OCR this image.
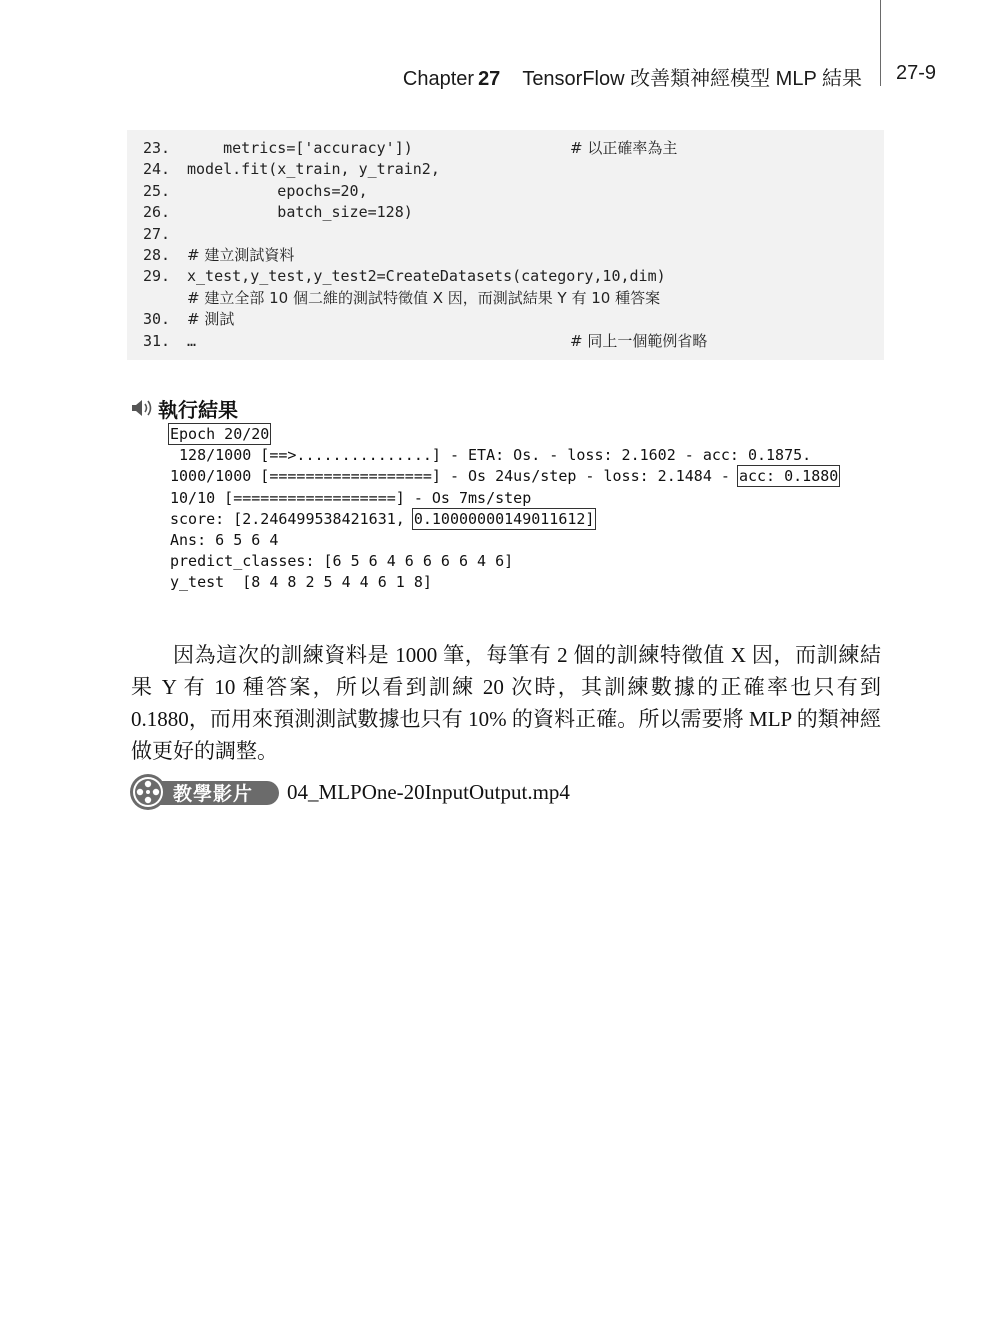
Chapter 27 TensorFlow 改善類神經模型 MLP 結果 27-9

23.

metrics=['accuracy'])

	# 以正確率為主

24.

model.fit(x_train, y_train2,

25.

epochs=20,

26.

batch_size=128)

27.

28.

# 建立測試資料

29.

x_test,y_test,y_test2=CreateDatasets(category,10,dim)

# 建立全部 10 個二維的測試特徵值 X 因，而測試結果 Y 有 10 種答案

30.

# 測試

31.

…

	# 同上一個範例省略

執行結果
Epoch 20/20
128/1000 [==>...............] - ETA: Os. - loss: 2.1602 - acc: 0.1875.
1000/1000 [==================] - Os 24us/step - loss: 2.1484 - acc: 0.1880
10/10 [==================] - Os 7ms/step
score: [2.246499538421631, 0.10000000149011612]
Ans: 6 5 6 4
predict_classes: [6 5 6 4 6 6 6 6 4 6]
y_test  [8 4 8 2 5 4 4 6 1 8]

因為這次的訓練資料是 1000 筆，每筆有 2 個的訓練特徵值 X 因，而訓練結果 Y 有 10 種答案，所以看到訓練 20 次時，其訓練數據的正確率也只有到 0.1880，而用來預測測試數據也只有 10% 的資料正確。所以需要將 MLP 的類神經做更好的調整。

教學影片	04_MLPOne-20InputOutput.mp4
